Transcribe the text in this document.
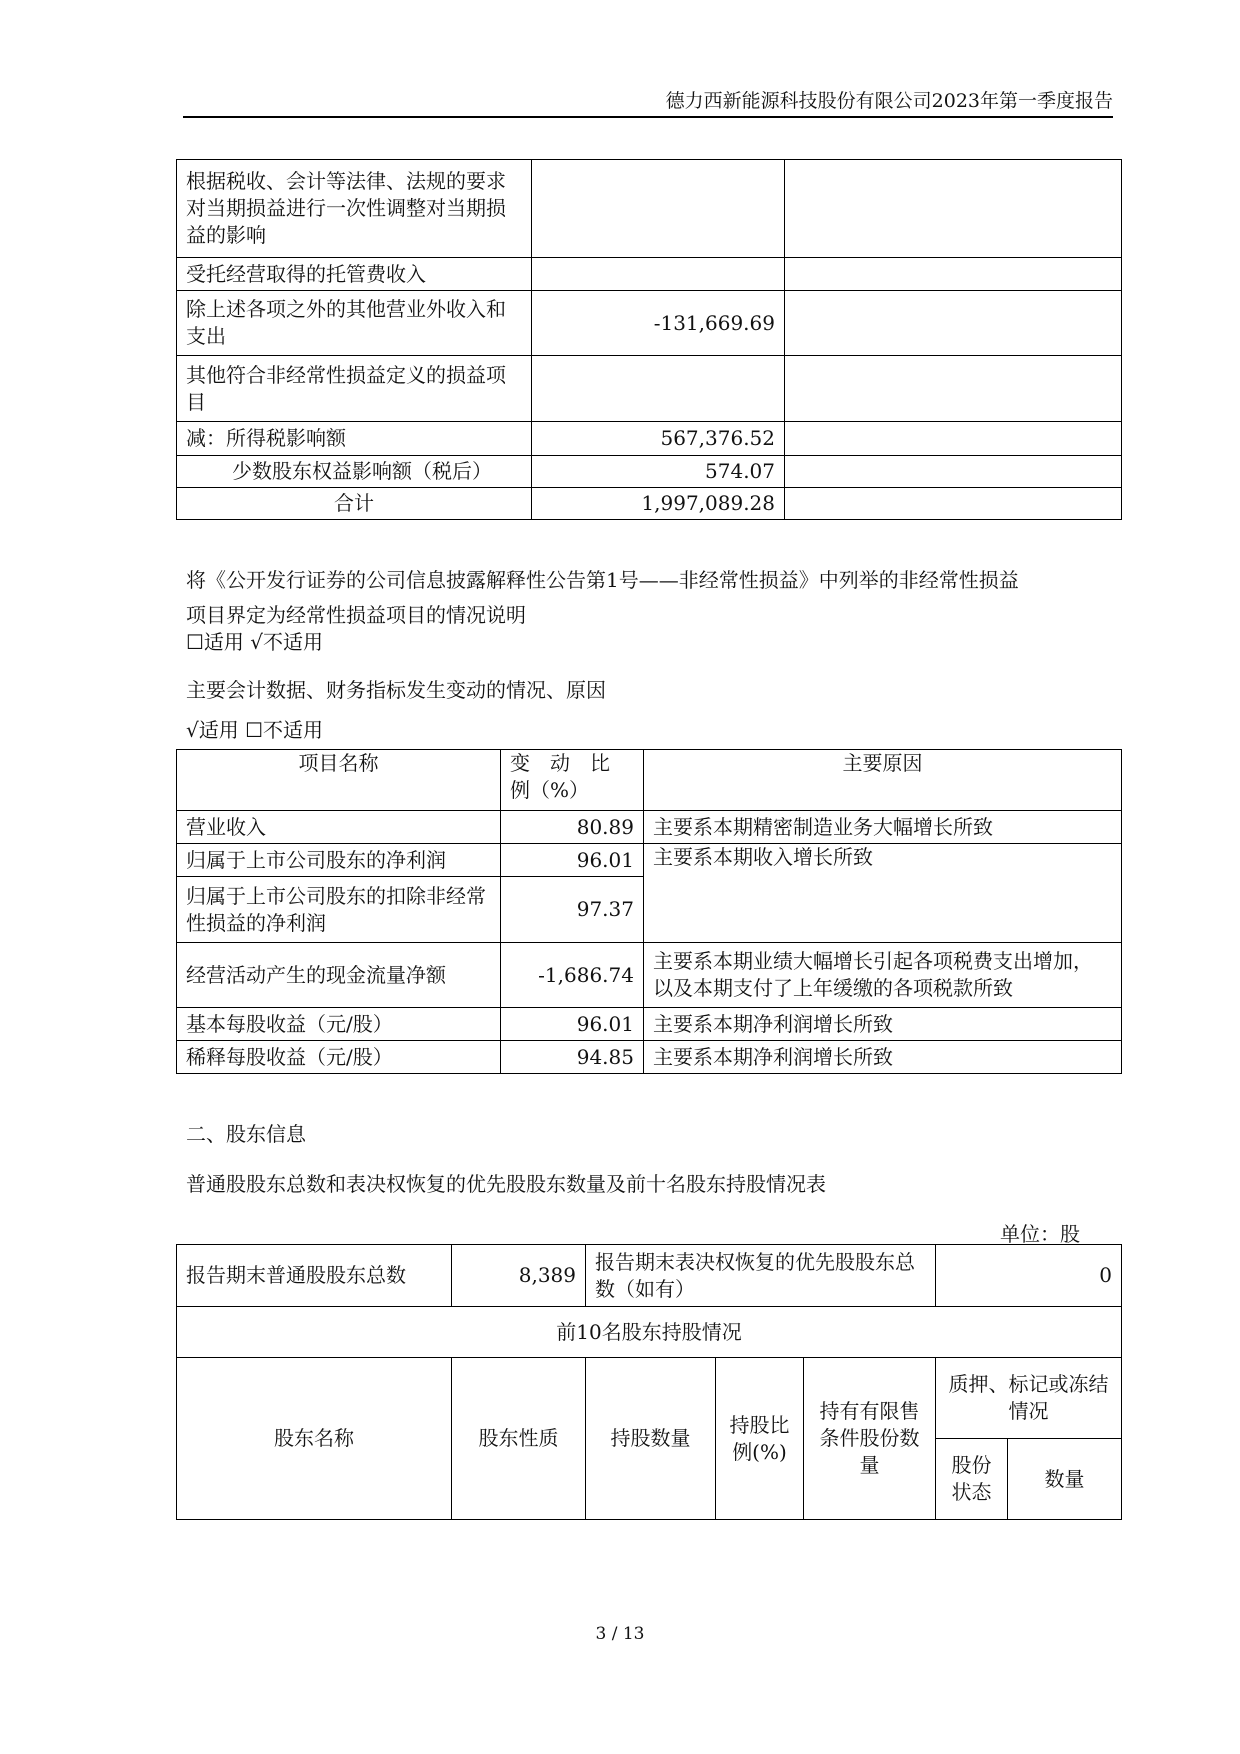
德力西新能源科技股份有限公司2023年第一季度报告
根据税收、会计等法律、法规的要求对当期损益进行一次性调整对当期损益的影响		
受托经营取得的托管费收入		
除上述各项之外的其他营业外收入和支出	-131,669.69	
其他符合非经常性损益定义的损益项目		
减：所得税影响额	567,376.52	
少数股东权益影响额（税后）	574.07	
合计	1,997,089.28	
将《公开发行证券的公司信息披露解释性公告第1号——非经常性损益》中列举的非经常性损益
项目界定为经常性损益项目的情况说明
☐适用 √不适用
主要会计数据、财务指标发生变动的情况、原因
√适用 ☐不适用
项目名称	变　动　比　例（%）	主要原因
营业收入	80.89	主要系本期精密制造业务大幅增长所致
归属于上市公司股东的净利润	96.01	主要系本期收入增长所致
归属于上市公司股东的扣除非经常性损益的净利润	97.37	
经营活动产生的现金流量净额	-1,686.74	主要系本期业绩大幅增长引起各项税费支出增加，以及本期支付了上年缓缴的各项税款所致
基本每股收益（元/股）	96.01	主要系本期净利润增长所致
稀释每股收益（元/股）	94.85	主要系本期净利润增长所致
二、股东信息
普通股股东总数和表决权恢复的优先股股东数量及前十名股东持股情况表
单位：股
报告期末普通股股东总数	8,389	报告期末表决权恢复的优先股股东总数（如有）			0	
前10名股东持股情况						
股东名称	股东性质	持股数量	持股比例(%)	持有有限售条件股份数量	质押、标记或冻结情况	
					股份状态	数量
3 / 13
